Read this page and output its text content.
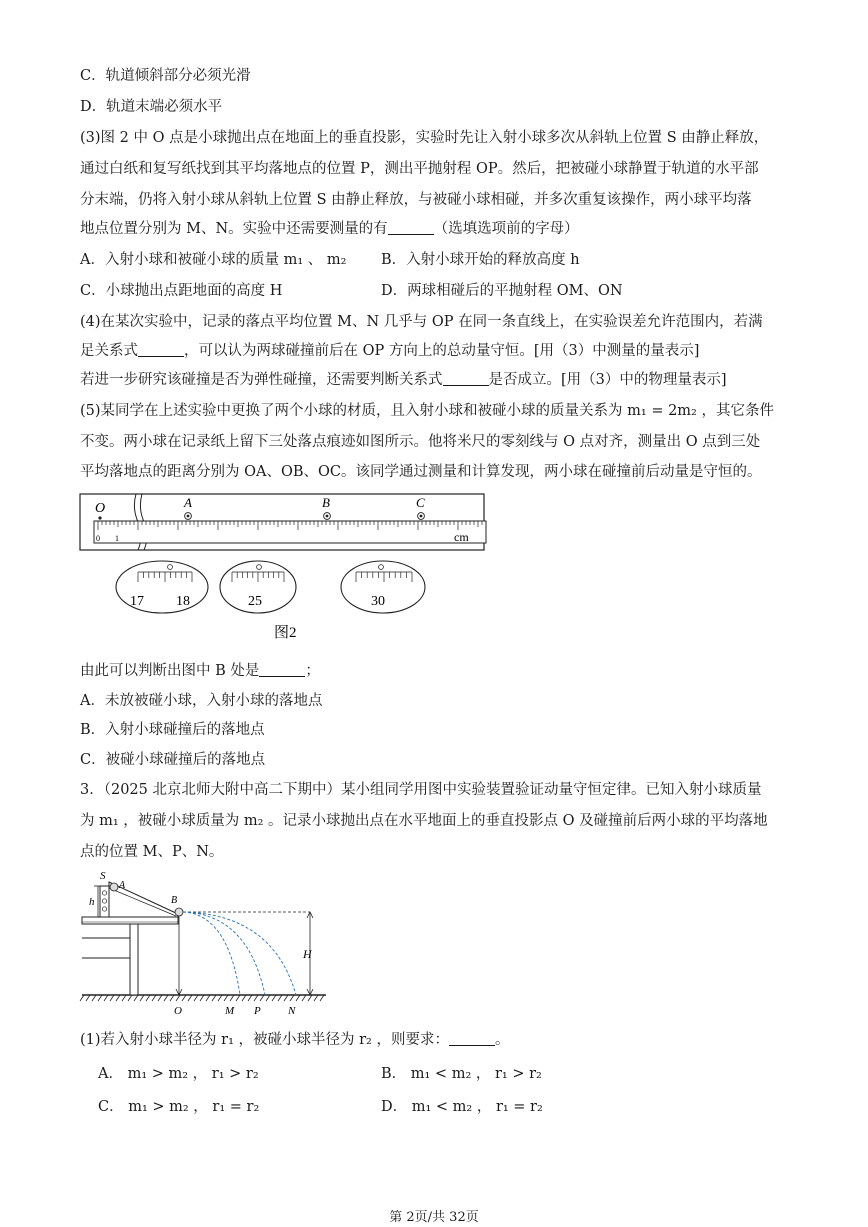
C．轨道倾斜部分必须光滑
D．轨道末端必须水平
(3)图 2 中 O 点是小球抛出点在地面上的垂直投影，实验时先让入射小球多次从斜轨上位置 S 由静止释放，
通过白纸和复写纸找到其平均落地点的位置 P，测出平抛射程 OP。然后，把被碰小球静置于轨道的水平部
分末端，仍将入射小球从斜轨上位置 S 由静止释放，与被碰小球相碰，并多次重复该操作，两小球平均落
地点位置分别为 M、N。实验中还需要测量的有	（选填选项前的字母）
A．入射小球和被碰小球的质量 m₁ 、 m₂ B．入射小球开始的释放高度 h
C．小球抛出点距地面的高度 H	D．两球相碰后的平抛射程 OM、ON
(4)在某次实验中，记录的落点平均位置 M、N 几乎与 OP 在同一条直线上，在实验误差允许范围内，若满
足关系式	，可以认为两球碰撞前后在 OP 方向上的总动量守恒。[用（3）中测量的量表示]
若进一步研究该碰撞是否为弹性碰撞，还需要判断关系式	是否成立。[用（3）中的物理量表示]
(5)某同学在上述实验中更换了两个小球的材质，且入射小球和被碰小球的质量关系为 m₁ = 2m₂ ，其它条件
不变。两小球在记录纸上留下三处落点痕迹如图所示。他将米尺的零刻线与 O 点对齐，测量出 O 点到三处
平均落地点的距离分别为 OA、OB、OC。该同学通过测量和计算发现，两小球在碰撞前后动量是守恒的。
O	A	B	C
0 1	cm
17 18	25	30
图2
由此可以判断出图中 B 处是	；
A．未放被碰小球，入射小球的落地点
B．入射小球碰撞后的落地点
C．被碰小球碰撞后的落地点
3．（2025 北京北师大附中高二下期中）某小组同学用图中实验装置验证动量守恒定律。已知入射小球质量
为 m₁ ，被碰小球质量为 m₂ 。记录小球抛出点在水平地面上的垂直投影点 O 及碰撞前后两小球的平均落地
点的位置 M、P、N。
S
A
B
h
H
O	M P N
(1)若入射小球半径为 r₁ ，被碰小球半径为 r₂ ，则要求：	。
A． m₁ > m₂ ， r₁ > r₂	B． m₁ < m₂ ， r₁ > r₂
C． m₁ > m₂ ， r₁ = r₂	D． m₁ < m₂ ， r₁ = r₂
第 2页/共 32页
